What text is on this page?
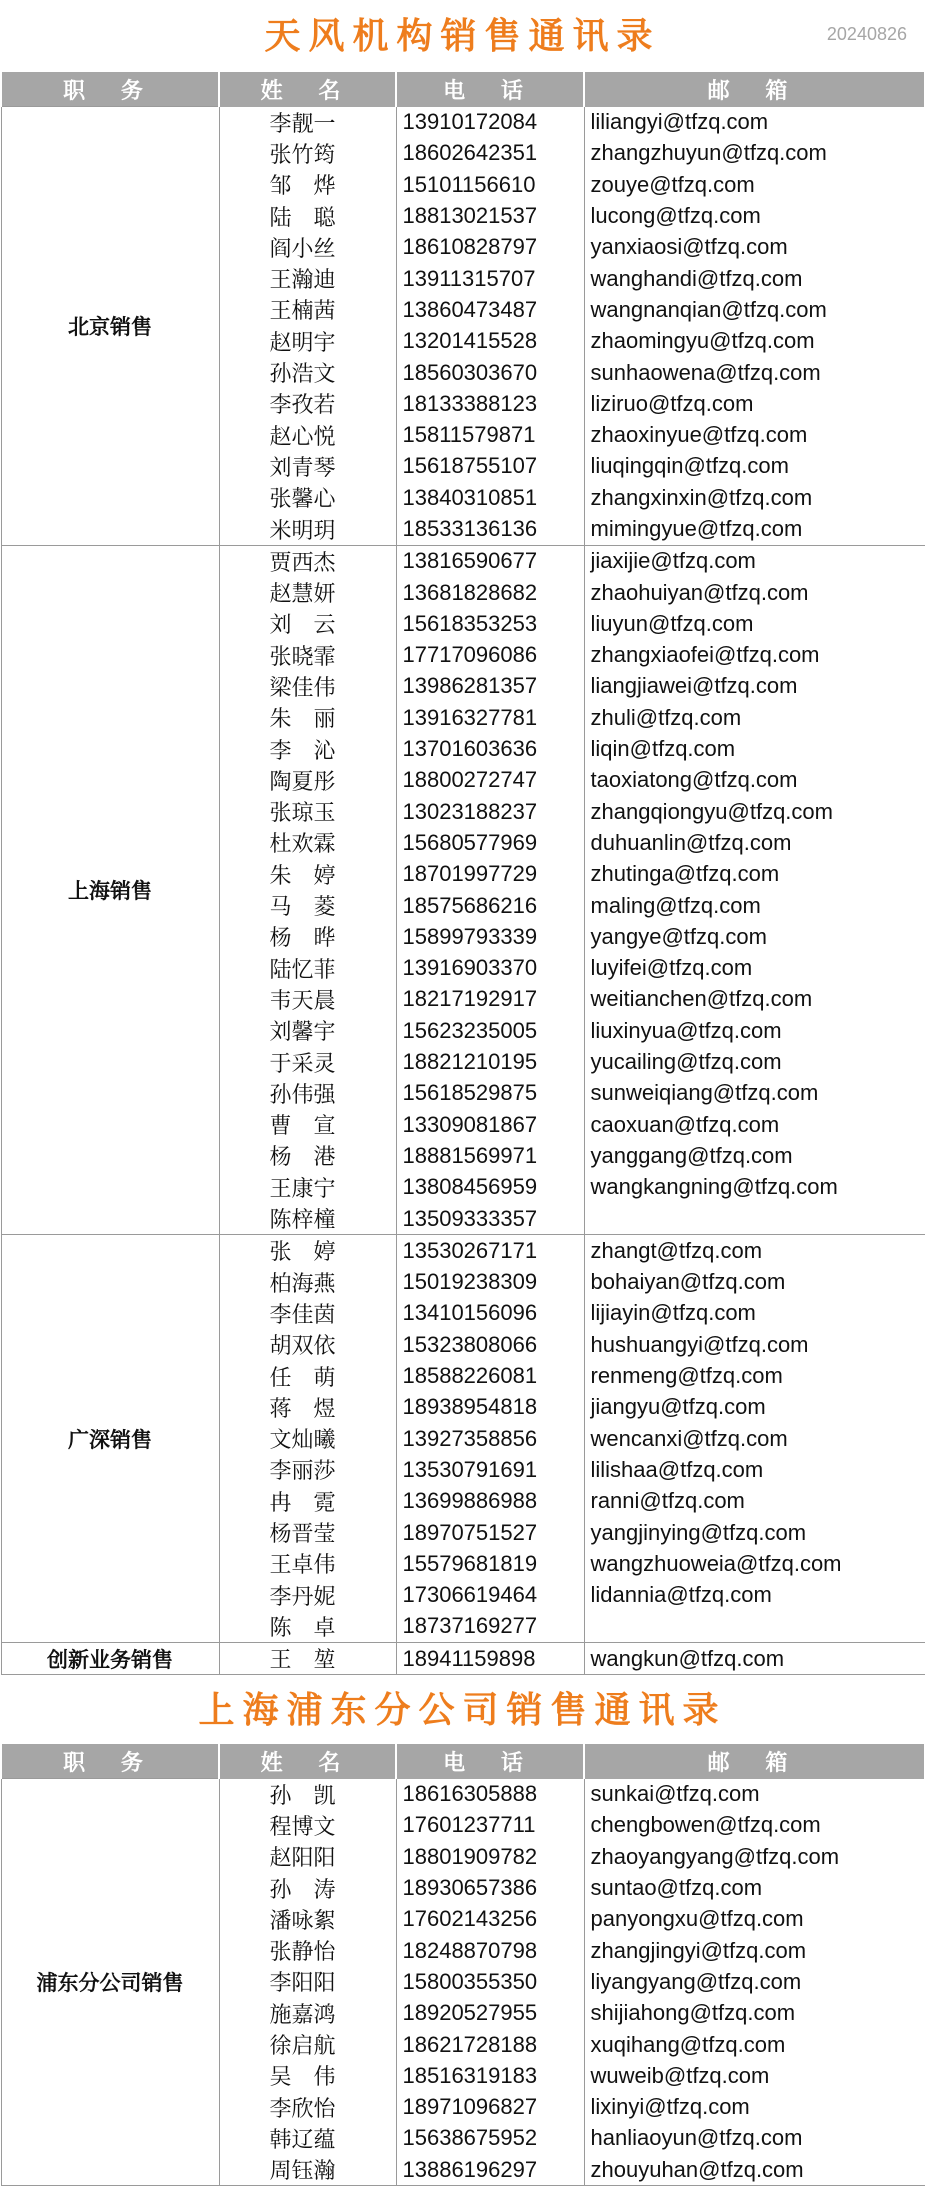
天风机构销售通讯录	20240826
职 务	姓 名	电 话	邮 箱
北京销售	李靓一	13910172084	liliangyi@tfzq.com
	张竹筠	18602642351	zhangzhuyun@tfzq.com
	邹　烨	15101156610	zouye@tfzq.com
	陆　聪	18813021537	lucong@tfzq.com
	阎小丝	18610828797	yanxiaosi@tfzq.com
	王瀚迪	13911315707	wanghandi@tfzq.com
	王楠茜	13860473487	wangnanqian@tfzq.com
	赵明宇	13201415528	zhaomingyu@tfzq.com
	孙浩文	18560303670	sunhaowena@tfzq.com
	李孜若	18133388123	liziruo@tfzq.com
	赵心悦	15811579871	zhaoxinyue@tfzq.com
	刘青琴	15618755107	liuqingqin@tfzq.com
	张馨心	13840310851	zhangxinxin@tfzq.com
	米明玥	18533136136	mimingyue@tfzq.com
上海销售	贾西杰	13816590677	jiaxijie@tfzq.com
	赵慧妍	13681828682	zhaohuiyan@tfzq.com
	刘　云	15618353253	liuyun@tfzq.com
	张晓霏	17717096086	zhangxiaofei@tfzq.com
	梁佳伟	13986281357	liangjiawei@tfzq.com
	朱　丽	13916327781	zhuli@tfzq.com
	李　沁	13701603636	liqin@tfzq.com
	陶夏彤	18800272747	taoxiatong@tfzq.com
	张琼玉	13023188237	zhangqiongyu@tfzq.com
	杜欢霖	15680577969	duhuanlin@tfzq.com
	朱　婷	18701997729	zhutinga@tfzq.com
	马　菱	18575686216	maling@tfzq.com
	杨　晔	15899793339	yangye@tfzq.com
	陆忆菲	13916903370	luyifei@tfzq.com
	韦天晨	18217192917	weitianchen@tfzq.com
	刘馨宇	15623235005	liuxinyua@tfzq.com
	于采灵	18821210195	yucailing@tfzq.com
	孙伟强	15618529875	sunweiqiang@tfzq.com
	曹　宣	13309081867	caoxuan@tfzq.com
	杨　港	18881569971	yanggang@tfzq.com
	王康宁	13808456959	wangkangning@tfzq.com
	陈梓橦	13509333357	
广深销售	张　婷	13530267171	zhangt@tfzq.com
	柏海燕	15019238309	bohaiyan@tfzq.com
	李佳茵	13410156096	lijiayin@tfzq.com
	胡双依	15323808066	hushuangyi@tfzq.com
	任　萌	18588226081	renmeng@tfzq.com
	蒋　煜	18938954818	jiangyu@tfzq.com
	文灿曦	13927358856	wencanxi@tfzq.com
	李丽莎	13530791691	lilishaa@tfzq.com
	冉　霓	13699886988	ranni@tfzq.com
	杨晋莹	18970751527	yangjinying@tfzq.com
	王卓伟	15579681819	wangzhuoweia@tfzq.com
	李丹妮	17306619464	lidannia@tfzq.com
	陈　卓	18737169277	
创新业务销售	王　堃	18941159898	wangkun@tfzq.com
上海浦东分公司销售通讯录
职 务	姓 名	电 话	邮 箱
浦东分公司销售	孙　凯	18616305888	sunkai@tfzq.com
	程博文	17601237711	chengbowen@tfzq.com
	赵阳阳	18801909782	zhaoyangyang@tfzq.com
	孙　涛	18930657386	suntao@tfzq.com
	潘咏絮	17602143256	panyongxu@tfzq.com
	张静怡	18248870798	zhangjingyi@tfzq.com
	李阳阳	15800355350	liyangyang@tfzq.com
	施嘉鸿	18920527955	shijiahong@tfzq.com
	徐启航	18621728188	xuqihang@tfzq.com
	吴　伟	18516319183	wuweib@tfzq.com
	李欣怡	18971096827	lixinyi@tfzq.com
	韩辽蕴	15638675952	hanliaoyun@tfzq.com
	周钰瀚	13886196297	zhouyuhan@tfzq.com
